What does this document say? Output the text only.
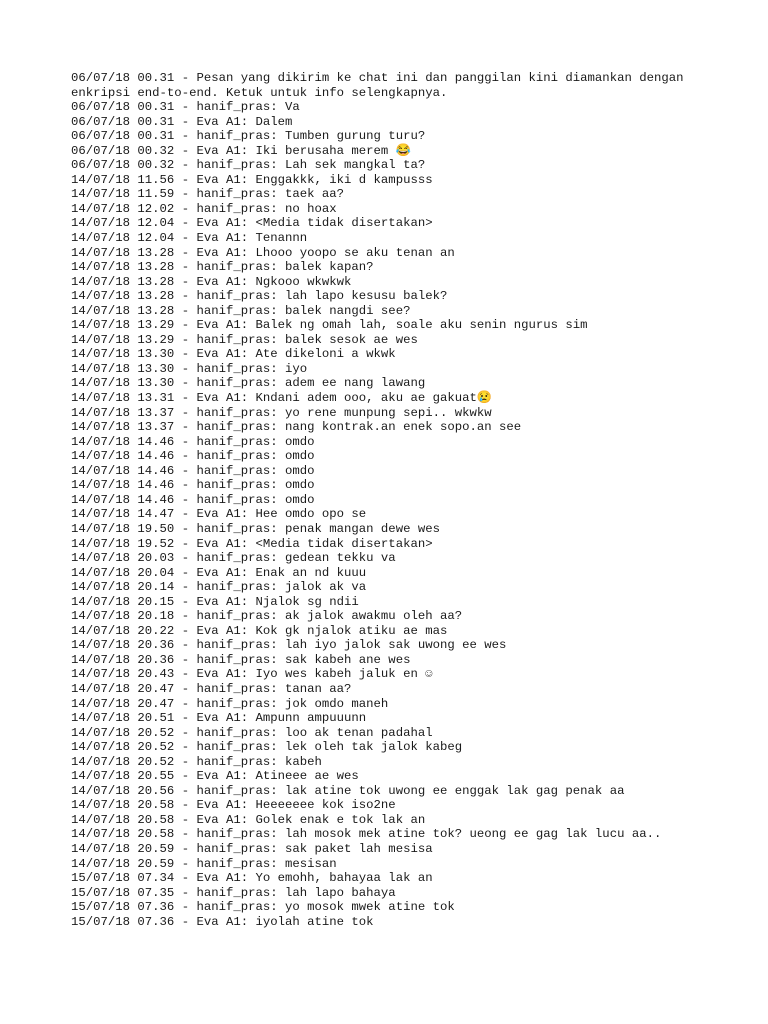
06/07/18 00.31 - Pesan yang dikirim ke chat ini dan panggilan kini diamankan dengan
enkripsi end-to-end. Ketuk untuk info selengkapnya.
06/07/18 00.31 - hanif_pras: Va
06/07/18 00.31 - Eva A1: Dalem
06/07/18 00.31 - hanif_pras: Tumben gurung turu?
06/07/18 00.32 - Eva A1: Iki berusaha merem 😂
06/07/18 00.32 - hanif_pras: Lah sek mangkal ta?
14/07/18 11.56 - Eva A1: Enggakkk, iki d kampusss
14/07/18 11.59 - hanif_pras: taek aa?
14/07/18 12.02 - hanif_pras: no hoax
14/07/18 12.04 - Eva A1: <Media tidak disertakan>
14/07/18 12.04 - Eva A1: Tenannn
14/07/18 13.28 - Eva A1: Lhooo yoopo se aku tenan an
14/07/18 13.28 - hanif_pras: balek kapan?
14/07/18 13.28 - Eva A1: Ngkooo wkwkwk
14/07/18 13.28 - hanif_pras: lah lapo kesusu balek?
14/07/18 13.28 - hanif_pras: balek nangdi see?
14/07/18 13.29 - Eva A1: Balek ng omah lah, soale aku senin ngurus sim
14/07/18 13.29 - hanif_pras: balek sesok ae wes
14/07/18 13.30 - Eva A1: Ate dikeloni a wkwk
14/07/18 13.30 - hanif_pras: iyo
14/07/18 13.30 - hanif_pras: adem ee nang lawang
14/07/18 13.31 - Eva A1: Kndani adem ooo, aku ae gakuat😢
14/07/18 13.37 - hanif_pras: yo rene munpung sepi.. wkwkw
14/07/18 13.37 - hanif_pras: nang kontrak.an enek sopo.an see
14/07/18 14.46 - hanif_pras: omdo
14/07/18 14.46 - hanif_pras: omdo
14/07/18 14.46 - hanif_pras: omdo
14/07/18 14.46 - hanif_pras: omdo
14/07/18 14.46 - hanif_pras: omdo
14/07/18 14.47 - Eva A1: Hee omdo opo se
14/07/18 19.50 - hanif_pras: penak mangan dewe wes
14/07/18 19.52 - Eva A1: <Media tidak disertakan>
14/07/18 20.03 - hanif_pras: gedean tekku va
14/07/18 20.04 - Eva A1: Enak an nd kuuu
14/07/18 20.14 - hanif_pras: jalok ak va
14/07/18 20.15 - Eva A1: Njalok sg ndii
14/07/18 20.18 - hanif_pras: ak jalok awakmu oleh aa?
14/07/18 20.22 - Eva A1: Kok gk njalok atiku ae mas
14/07/18 20.36 - hanif_pras: lah iyo jalok sak uwong ee wes
14/07/18 20.36 - hanif_pras: sak kabeh ane wes
14/07/18 20.43 - Eva A1: Iyo wes kabeh jaluk en ☺
14/07/18 20.47 - hanif_pras: tanan aa?
14/07/18 20.47 - hanif_pras: jok omdo maneh
14/07/18 20.51 - Eva A1: Ampunn ampuuunn
14/07/18 20.52 - hanif_pras: loo ak tenan padahal
14/07/18 20.52 - hanif_pras: lek oleh tak jalok kabeg
14/07/18 20.52 - hanif_pras: kabeh
14/07/18 20.55 - Eva A1: Atineee ae wes
14/07/18 20.56 - hanif_pras: lak atine tok uwong ee enggak lak gag penak aa
14/07/18 20.58 - Eva A1: Heeeeeee kok iso2ne
14/07/18 20.58 - Eva A1: Golek enak e tok lak an
14/07/18 20.58 - hanif_pras: lah mosok mek atine tok? ueong ee gag lak lucu aa..
14/07/18 20.59 - hanif_pras: sak paket lah mesisa
14/07/18 20.59 - hanif_pras: mesisan
15/07/18 07.34 - Eva A1: Yo emohh, bahayaa lak an
15/07/18 07.35 - hanif_pras: lah lapo bahaya
15/07/18 07.36 - hanif_pras: yo mosok mwek atine tok
15/07/18 07.36 - Eva A1: iyolah atine tok
